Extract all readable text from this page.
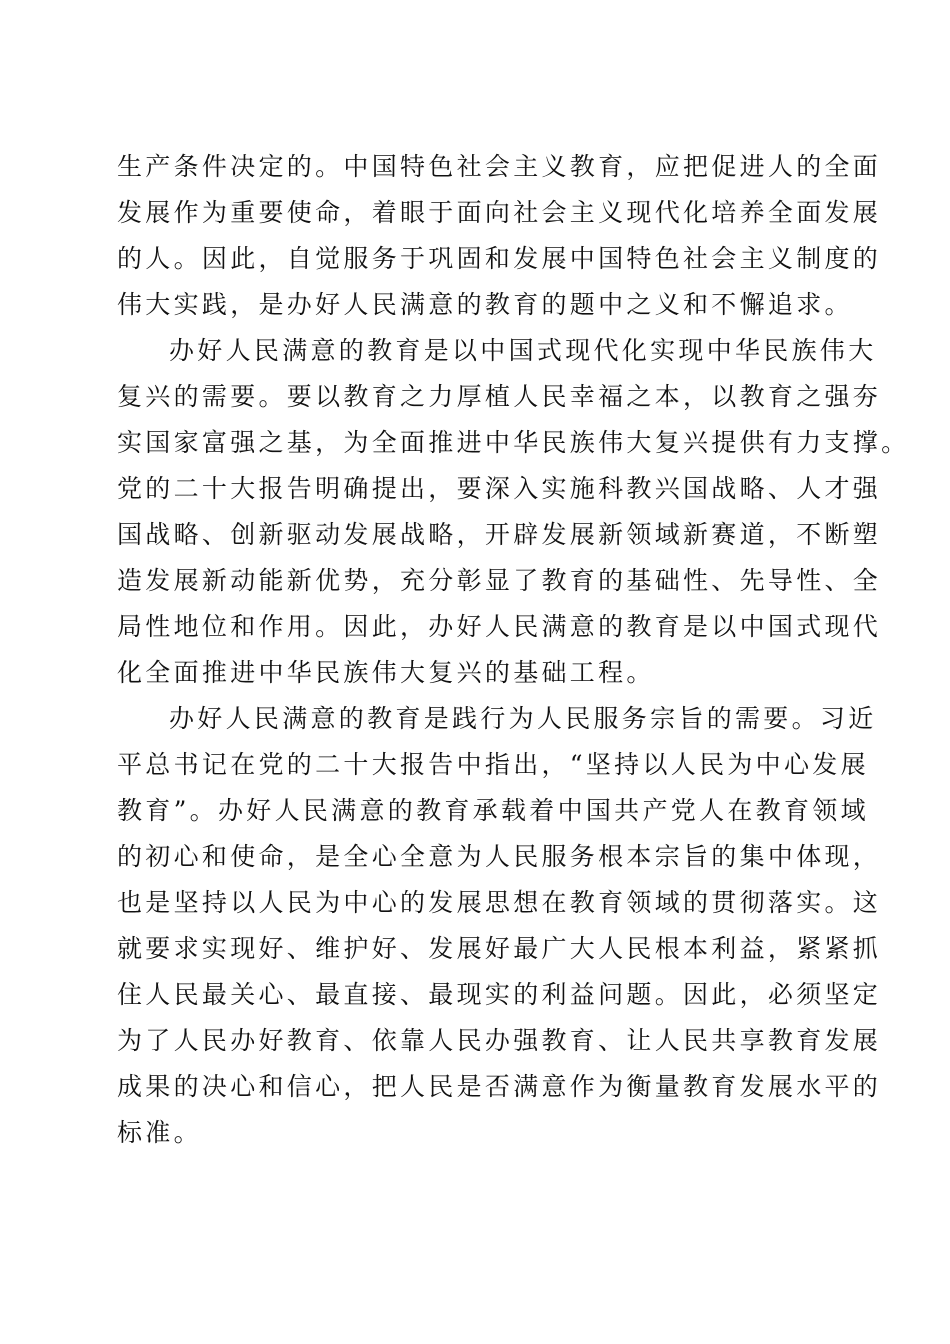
生产条件决定的。中国特色社会主义教育，应把促进人的全面
发展作为重要使命，着眼于面向社会主义现代化培养全面发展
的人。因此，自觉服务于巩固和发展中国特色社会主义制度的
伟大实践，是办好人民满意的教育的题中之义和不懈追求。
办好人民满意的教育是以中国式现代化实现中华民族伟大
复兴的需要。要以教育之力厚植人民幸福之本，以教育之强夯
实国家富强之基，为全面推进中华民族伟大复兴提供有力支撑。
党的二十大报告明确提出，要深入实施科教兴国战略、人才强
国战略、创新驱动发展战略，开辟发展新领域新赛道，不断塑
造发展新动能新优势，充分彰显了教育的基础性、先导性、全
局性地位和作用。因此，办好人民满意的教育是以中国式现代
化全面推进中华民族伟大复兴的基础工程。
办好人民满意的教育是践行为人民服务宗旨的需要。习近
平总书记在党的二十大报告中指出，“坚持以人民为中心发展
教育”。办好人民满意的教育承载着中国共产党人在教育领域
的初心和使命，是全心全意为人民服务根本宗旨的集中体现，
也是坚持以人民为中心的发展思想在教育领域的贯彻落实。这
就要求实现好、维护好、发展好最广大人民根本利益，紧紧抓
住人民最关心、最直接、最现实的利益问题。因此，必须坚定
为了人民办好教育、依靠人民办强教育、让人民共享教育发展
成果的决心和信心，把人民是否满意作为衡量教育发展水平的
标准。
